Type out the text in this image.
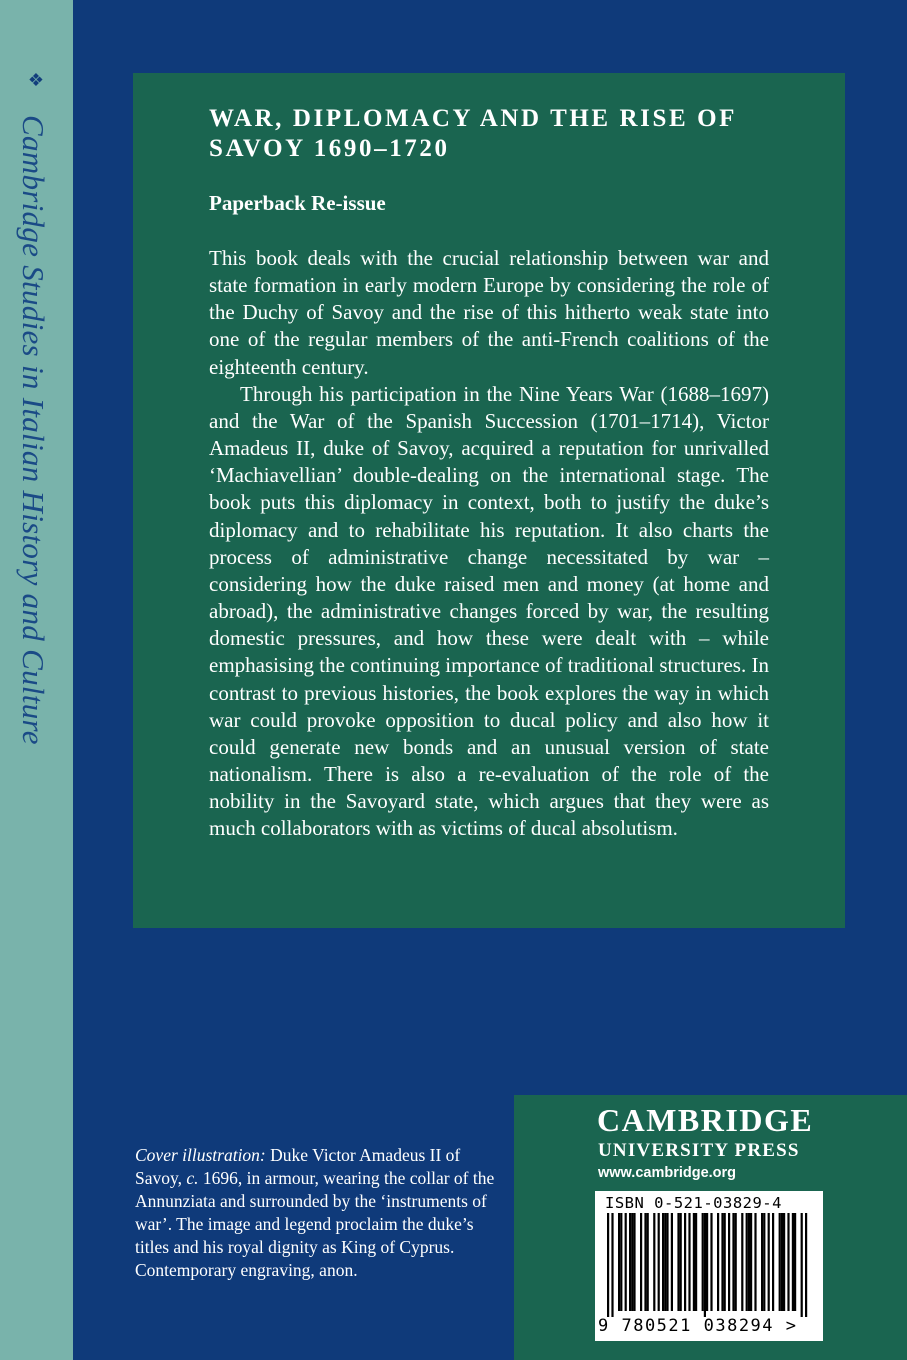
❖
Cambridge Studies in Italian History and Culture	WAR, DIPLOMACY AND THE RISE OF SAVOY 1690–1720
Paperback Re-issue

This book deals with the crucial relationship between war and state formation in early modern Europe by considering the role of the Duchy of Savoy and the rise of this hitherto weak state into one of the regular members of the anti-French coalitions of the eighteenth century.

Through his participation in the Nine Years War (1688–1697) and the War of the Spanish Succession (1701–1714), Victor Amadeus II, duke of Savoy, acquired a reputation for unrivalled ‘Machiavellian’ double-dealing on the international stage. The book puts this diplomacy in context, both to justify the duke’s diplomacy and to rehabilitate his reputation. It also charts the process of administrative change necessitated by war – considering how the duke raised men and money (at home and abroad), the administrative changes forced by war, the resulting domestic pressures, and how these were dealt with – while emphasising the continuing importance of traditional structures. In contrast to previous histories, the book explores the way in which war could provoke opposition to ducal policy and also how it could generate new bonds and an unusual version of state nationalism. There is also a re-evaluation of the role of the nobility in the Savoyard state, which argues that they were as much collaborators with as victims of ducal absolutism.

Cover illustration: Duke Victor Amadeus II of Savoy, c. 1696, in armour, wearing the collar of the Annunziata and surrounded by the ‘instruments of war’. The image and legend proclaim the duke’s titles and his royal dignity as King of Cyprus. Contemporary engraving, anon.

CAMBRIDGE
UNIVERSITY PRESS
www.cambridge.org
ISBN 0-521-03829-4
9 780521 038294 >
